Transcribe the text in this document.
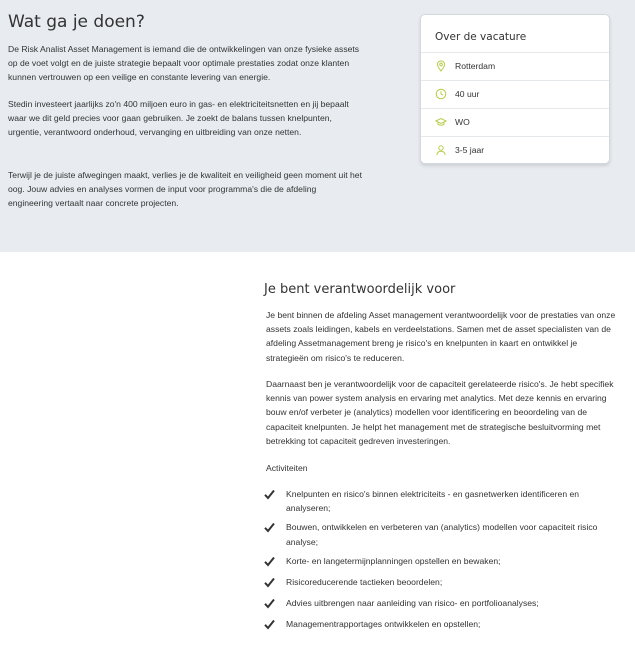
Wat ga je doen?

De Risk Analist Asset Management is iemand die de ontwikkelingen van onze fysieke assets op de voet volgt en de juiste strategie bepaalt voor optimale prestaties zodat onze klanten kunnen vertrouwen op een veilige en constante levering van energie.

Stedin investeert jaarlijks zo'n 400 miljoen euro in gas- en elektriciteitsnetten en jij bepaalt waar we dit geld precies voor gaan gebruiken. Je zoekt de balans tussen knelpunten, urgentie, verantwoord onderhoud, vervanging en uitbreiding van onze netten.

Terwijl je de juiste afwegingen maakt, verlies je de kwaliteit en veiligheid geen moment uit het oog. Jouw advies en analyses vormen de input voor programma's die de afdeling engineering vertaalt naar concrete projecten.

Over de vacature
Rotterdam
40 uur
WO
3-5 jaar
Je bent verantwoordelijk voor

Je bent binnen de afdeling Asset management verantwoordelijk voor de prestaties van onze assets zoals leidingen, kabels en verdeelstations. Samen met de asset specialisten van de afdeling Assetmanagement breng je risico's en knelpunten in kaart en ontwikkel je strategieën om risico's te reduceren.

Daarnaast ben je verantwoordelijk voor de capaciteit gerelateerde risico's. Je hebt specifiek kennis van power system analysis en ervaring met analytics. Met deze kennis en ervaring bouw en/of verbeter je (analytics) modellen voor identificering en beoordeling van de capaciteit knelpunten. Je helpt het management met de strategische besluitvorming met betrekking tot capaciteit gedreven investeringen.

Activiteiten

Knelpunten en risico's binnen elektriciteits - en gasnetwerken identificeren en analyseren;
Bouwen, ontwikkelen en verbeteren van (analytics) modellen voor capaciteit risico analyse;
Korte- en langetermijnplanningen opstellen en bewaken;
Risicoreducerende tactieken beoordelen;
Advies uitbrengen naar aanleiding van risico- en portfolioanalyses;
Managementrapportages ontwikkelen en opstellen;
